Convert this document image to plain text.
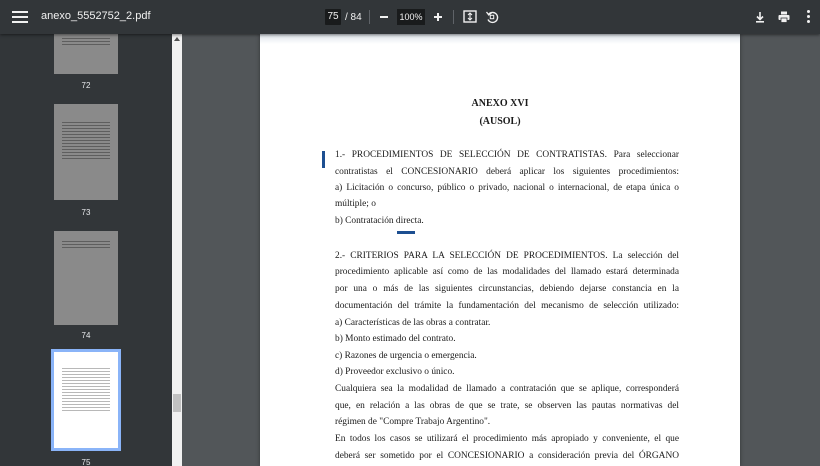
anexo_5552752_2.pdf	75 / 84	100%
72
73
74
75
ANEXO XVI
(AUSOL)
1.- PROCEDIMIENTOS DE SELECCIÓN DE CONTRATISTAS. Para seleccionar
contratistas el CONCESIONARIO deberá aplicar los siguientes procedimientos:
a) Licitación o concurso, público o privado, nacional o internacional, de etapa única o
múltiple; o
b) Contratación directa.
2.- CRITERIOS PARA LA SELECCIÓN DE PROCEDIMIENTOS. La selección del
procedimiento aplicable así como de las modalidades del llamado estará determinada
por una o más de las siguientes circunstancias, debiendo dejarse constancia en la
documentación del trámite la fundamentación del mecanismo de selección utilizado:
a) Características de las obras a contratar.
b) Monto estimado del contrato.
c) Razones de urgencia o emergencia.
d) Proveedor exclusivo o único.
Cualquiera sea la modalidad de llamado a contratación que se aplique, corresponderá
que, en relación a las obras de que se trate, se observen las pautas normativas del
régimen de "Compre Trabajo Argentino".
En todos los casos se utilizará el procedimiento más apropiado y conveniente, el que
deberá ser sometido por el CONCESIONARIO a consideración previa del ÓRGANO
